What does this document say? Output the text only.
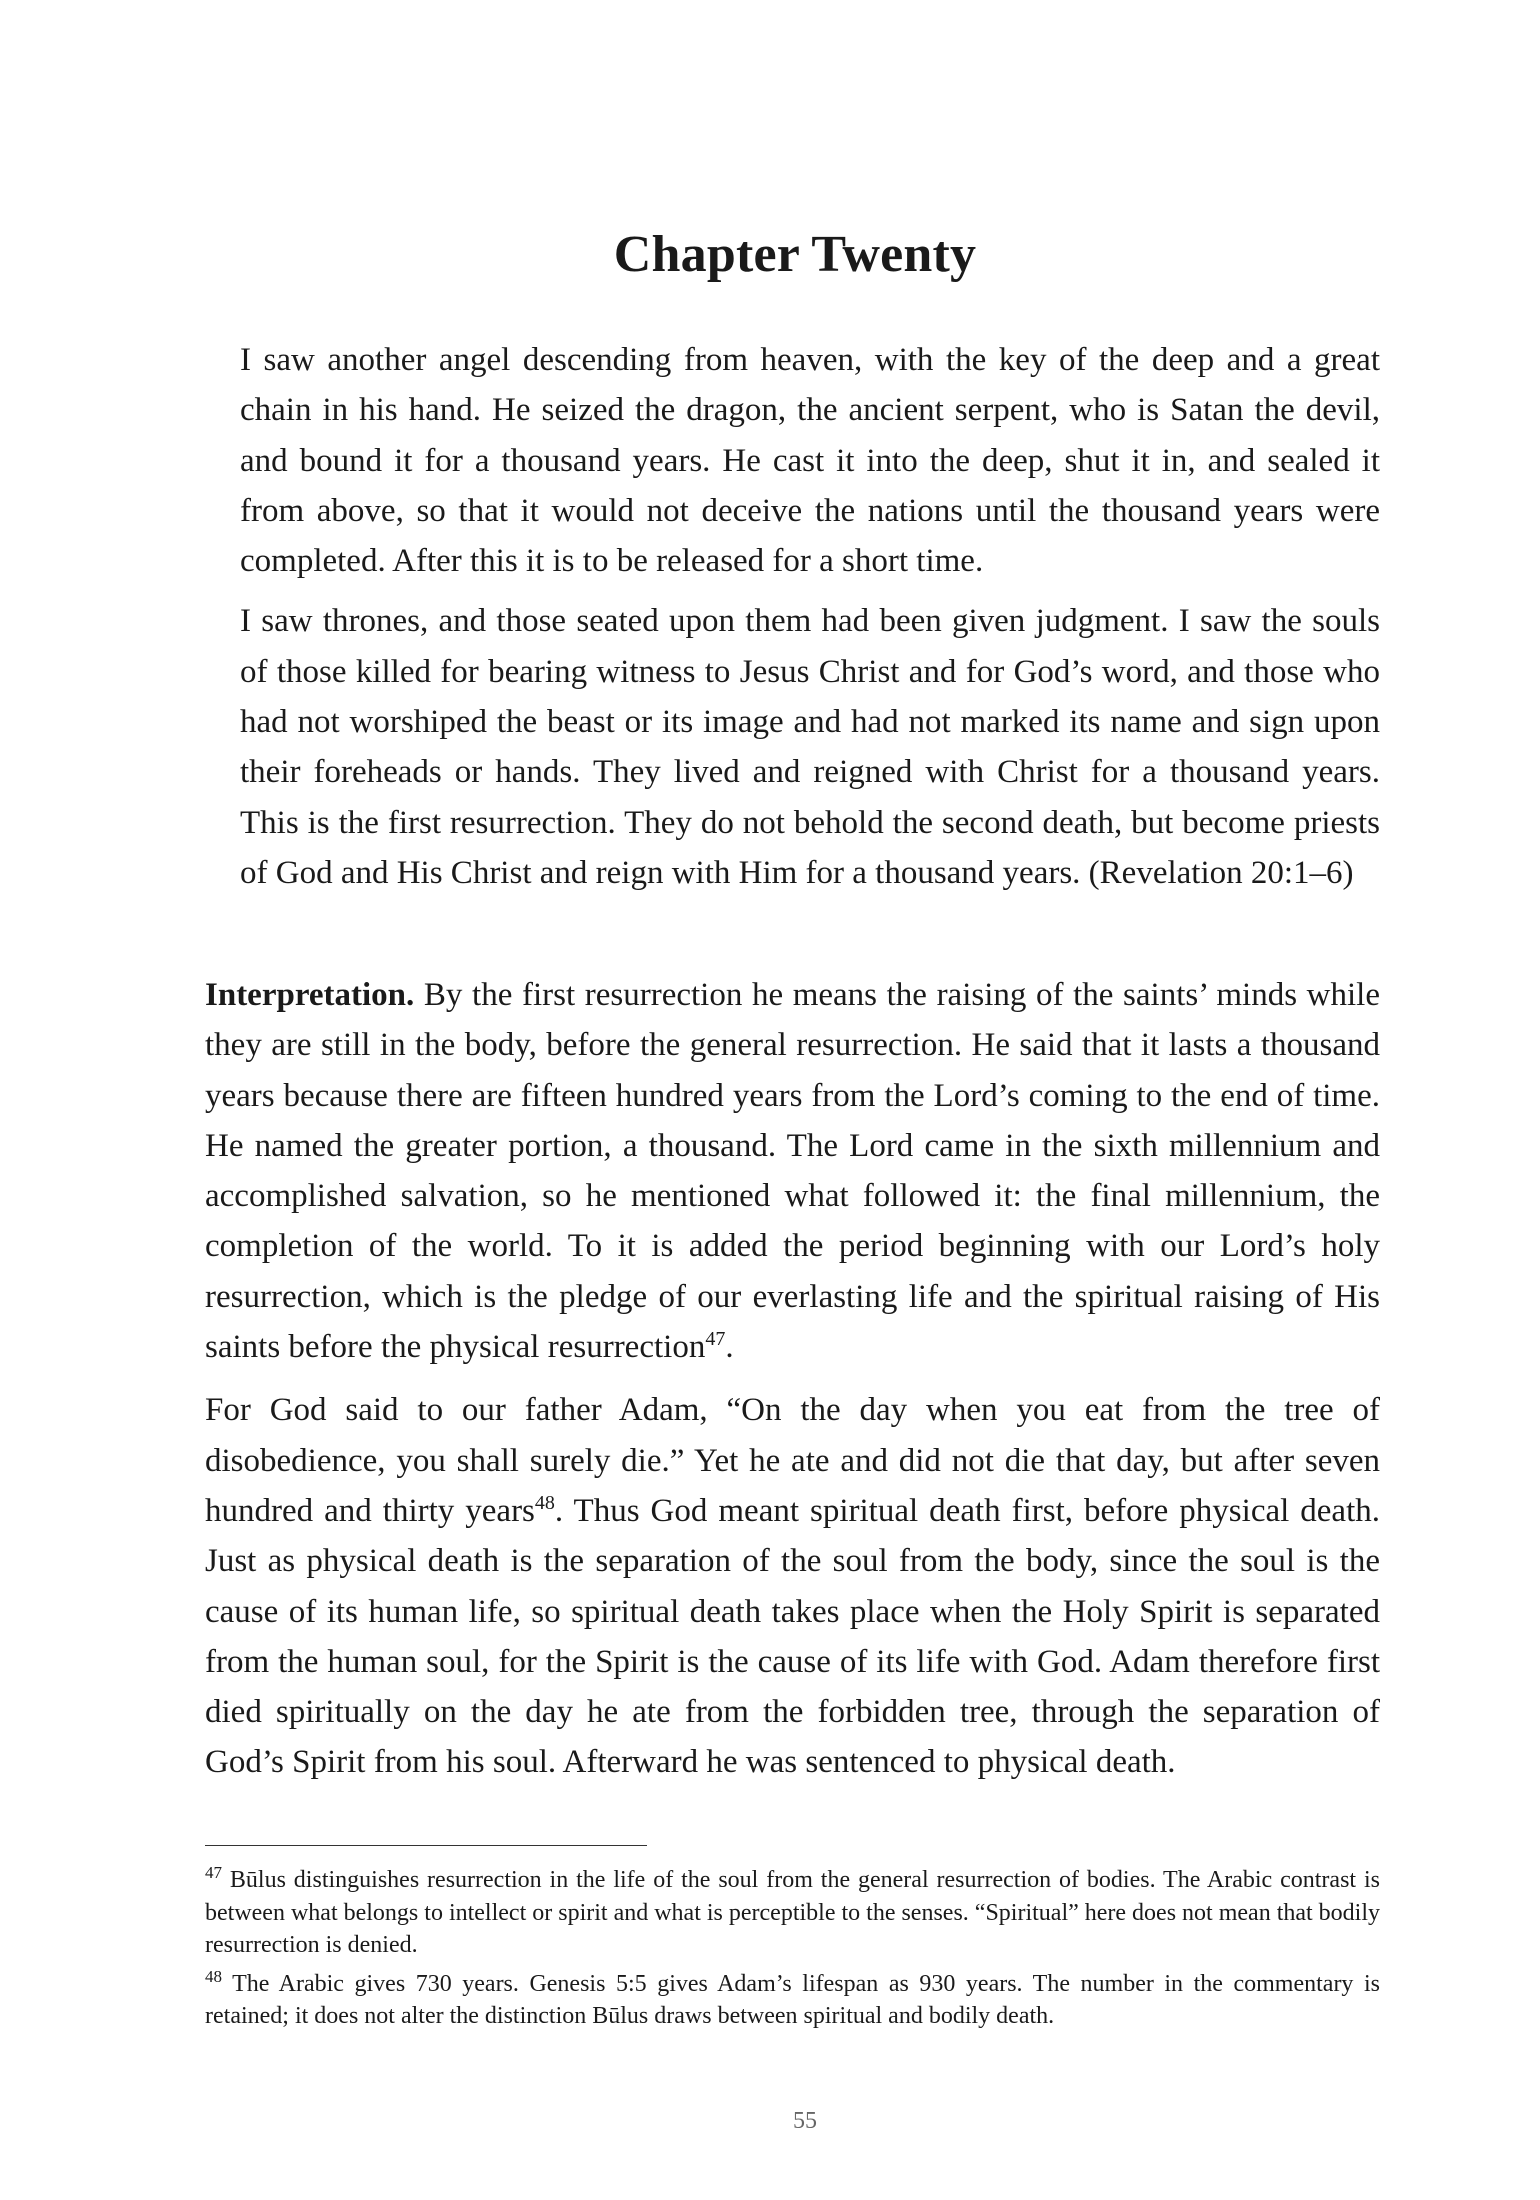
Chapter Twenty

I saw another angel descending from heaven, with the key of the deep and a great chain in his hand. He seized the dragon, the ancient serpent, who is Satan the devil, and bound it for a thousand years. He cast it into the deep, shut it in, and sealed it from above, so that it would not deceive the nations until the thousand years were completed. After this it is to be released for a short time.

I saw thrones, and those seated upon them had been given judgment. I saw the souls of those killed for bearing witness to Jesus Christ and for God’s word, and those who had not worshiped the beast or its image and had not marked its name and sign upon their foreheads or hands. They lived and reigned with Christ for a thousand years. This is the first resurrection. They do not behold the second death, but become priests of God and His Christ and reign with Him for a thousand years. (Revelation 20:1–6)

Interpretation. By the first resurrection he means the raising of the saints’ minds while they are still in the body, before the general resurrection. He said that it lasts a thousand years because there are fifteen hundred years from the Lord’s coming to the end of time. He named the greater portion, a thousand. The Lord came in the sixth millennium and accomplished salvation, so he mentioned what followed it: the final millennium, the completion of the world. To it is added the period beginning with our Lord’s holy resurrection, which is the pledge of our everlasting life and the spiritual raising of His saints before the physical resurrection$^{47}$.

For God said to our father Adam, “On the day when you eat from the tree of disobedience, you shall surely die.” Yet he ate and did not die that day, but after seven hundred and thirty years$^{48}$. Thus God meant spiritual death first, before physical death. Just as physical death is the separation of the soul from the body, since the soul is the cause of its human life, so spiritual death takes place when the Holy Spirit is separated from the human soul, for the Spirit is the cause of its life with God. Adam therefore first died spiritually on the day he ate from the forbidden tree, through the separation of God’s Spirit from his soul. Afterward he was sentenced to physical death.

$^{47}$ Būlus distinguishes resurrection in the life of the soul from the general resurrection of bodies. The Arabic contrast is between what belongs to intellect or spirit and what is perceptible to the senses. “Spiritual” here does not mean that bodily resurrection is denied.

$^{48}$ The Arabic gives 730 years. Genesis 5:5 gives Adam’s lifespan as 930 years. The number in the commentary is retained; it does not alter the distinction Būlus draws between spiritual and bodily death.

55
